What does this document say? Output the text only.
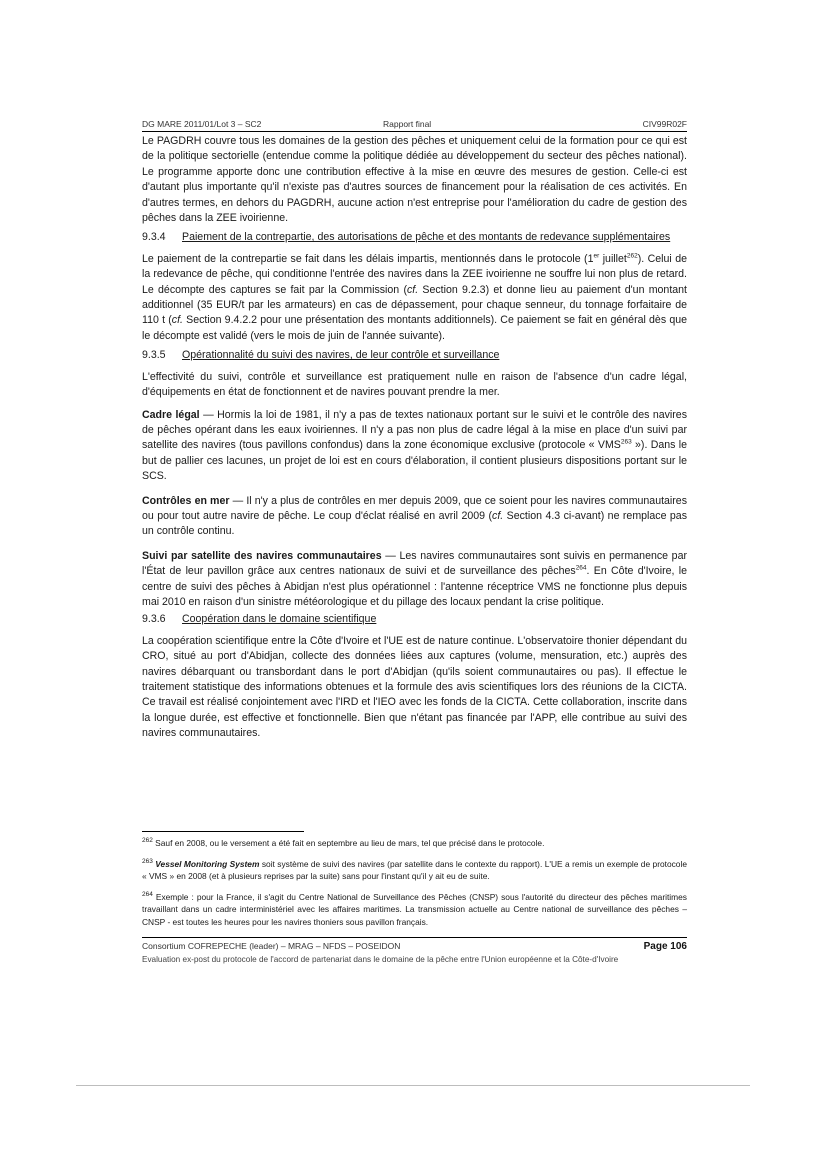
DG MARE 2011/01/Lot 3 – SC2	Rapport final	CIV99R02F

Le PAGDRH couvre tous les domaines de la gestion des pêches et uniquement celui de la formation pour ce qui est de la politique sectorielle (entendue comme la politique dédiée au développement du secteur des pêches national). Le programme apporte donc une contribution effective à la mise en œuvre des mesures de gestion. Celle-ci est d'autant plus importante qu'il n'existe pas d'autres sources de financement pour la réalisation de ces activités. En d'autres termes, en dehors du PAGDRH, aucune action n'est entreprise pour l'amélioration du cadre de gestion des pêches dans la ZEE ivoirienne.

9.3.4	Paiement de la contrepartie, des autorisations de pêche et des montants de redevance supplémentaires

Le paiement de la contrepartie se fait dans les délais impartis, mentionnés dans le protocole (1er juillet$^{262}$). Celui de la redevance de pêche, qui conditionne l'entrée des navires dans la ZEE ivoirienne ne souffre lui non plus de retard. Le décompte des captures se fait par la Commission (cf. Section 9.2.3) et donne lieu au paiement d'un montant additionnel (35 EUR/t par les armateurs) en cas de dépassement, pour chaque senneur, du tonnage forfaitaire de 110 t (cf. Section 9.4.2.2 pour une présentation des montants additionnels). Ce paiement se fait en général dès que le décompte est validé (vers le mois de juin de l'année suivante).

9.3.5	Opérationnalité du suivi des navires, de leur contrôle et surveillance

L'effectivité du suivi, contrôle et surveillance est pratiquement nulle en raison de l'absence d'un cadre légal, d'équipements en état de fonctionnent et de navires pouvant prendre la mer.

Cadre légal — Hormis la loi de 1981, il n'y a pas de textes nationaux portant sur le suivi et le contrôle des navires de pêches opérant dans les eaux ivoiriennes. Il n'y a pas non plus de cadre légal à la mise en place d'un suivi par satellite des navires (tous pavillons confondus) dans la zone économique exclusive (protocole « VMS$^{263}$ »). Dans le but de pallier ces lacunes, un projet de loi est en cours d'élaboration, il contient plusieurs dispositions portant sur le SCS.

Contrôles en mer — Il n'y a plus de contrôles en mer depuis 2009, que ce soient pour les navires communautaires ou pour tout autre navire de pêche. Le coup d'éclat réalisé en avril 2009 (cf. Section 4.3 ci-avant) ne remplace pas un contrôle continu.

Suivi par satellite des navires communautaires — Les navires communautaires sont suivis en permanence par l'État de leur pavillon grâce aux centres nationaux de suivi et de surveillance des pêches$^{264}$. En Côte d'Ivoire, le centre de suivi des pêches à Abidjan n'est plus opérationnel : l'antenne réceptrice VMS ne fonctionne plus depuis mai 2010 en raison d'un sinistre météorologique et du pillage des locaux pendant la crise politique.

9.3.6	Coopération dans le domaine scientifique

La coopération scientifique entre la Côte d'Ivoire et l'UE est de nature continue. L'observatoire thonier dépendant du CRO, situé au port d'Abidjan, collecte des données liées aux captures (volume, mensuration, etc.) auprès des navires débarquant ou transbordant dans le port d'Abidjan (qu'ils soient communautaires ou pas). Il effectue le traitement statistique des informations obtenues et la formule des avis scientifiques lors des réunions de la CICTA. Ce travail est réalisé conjointement avec l'IRD et l'IEO avec les fonds de la CICTA. Cette collaboration, inscrite dans la longue durée, est effective et fonctionnelle. Bien que n'étant pas financée par l'APP, elle contribue au suivi des navires communautaires.

$^{262}$ Sauf en 2008, ou le versement a été fait en septembre au lieu de mars, tel que précisé dans le protocole.
$^{263}$ Vessel Monitoring System soit système de suivi des navires (par satellite dans le contexte du rapport). L'UE a remis un exemple de protocole « VMS » en 2008 (et à plusieurs reprises par la suite) sans pour l'instant qu'il y ait eu de suite.
$^{264}$ Exemple : pour la France, il s'agit du Centre National de Surveillance des Pêches (CNSP) sous l'autorité du directeur des pêches maritimes travaillant dans un cadre interministériel avec les affaires maritimes. La transmission actuelle au Centre national de surveillance des pêches – CNSP - est toutes les heures pour les navires thoniers sous pavillon français.
Consortium COFREPECHE (leader) – MRAG – NFDS – POSEIDON	Page 106
Evaluation ex-post du protocole de l'accord de partenariat dans le domaine de la pêche entre l'Union européenne et la Côte-d'Ivoire
